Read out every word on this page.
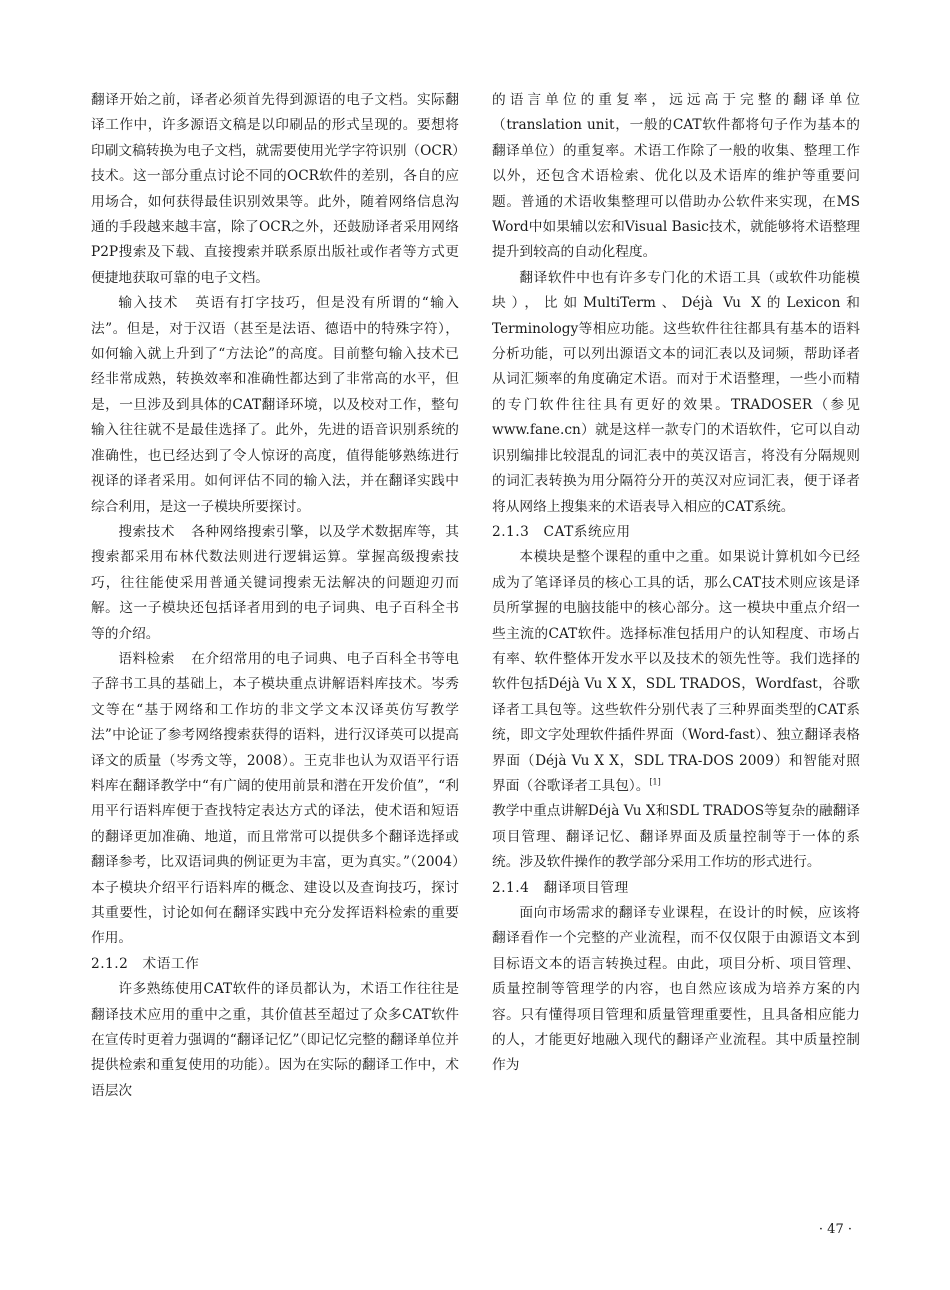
翻译开始之前，译者必须首先得到源语的电子文档。实际翻译工作中，许多源语文稿是以印刷品的形式呈现的。要想将印刷文稿转换为电子文档，就需要使用光学字符识别（OCR）技术。这一部分重点讨论不同的OCR软件的差别，各自的应用场合，如何获得最佳识别效果等。此外，随着网络信息沟通的手段越来越丰富，除了OCR之外，还鼓励译者采用网络P2P搜索及下载、直接搜索并联系原出版社或作者等方式更便捷地获取可靠的电子文档。

输入技术 英语有打字技巧，但是没有所谓的“输入法”。但是，对于汉语（甚至是法语、德语中的特殊字符），如何输入就上升到了“方法论”的高度。目前整句输入技术已经非常成熟，转换效率和准确性都达到了非常高的水平，但是，一旦涉及到具体的CAT翻译环境，以及校对工作，整句输入往往就不是最佳选择了。此外，先进的语音识别系统的准确性，也已经达到了令人惊讶的高度，值得能够熟练进行视译的译者采用。如何评估不同的输入法，并在翻译实践中综合利用，是这一子模块所要探讨。

搜索技术 各种网络搜索引擎，以及学术数据库等，其搜索都采用布林代数法则进行逻辑运算。掌握高级搜索技巧，往往能使采用普通关键词搜索无法解决的问题迎刃而解。这一子模块还包括译者用到的电子词典、电子百科全书等的介绍。

语料检索 在介绍常用的电子词典、电子百科全书等电子辞书工具的基础上，本子模块重点讲解语料库技术。岑秀文等在“基于网络和工作坊的非文学文本汉译英仿写教学法”中论证了参考网络搜索获得的语料，进行汉译英可以提高译文的质量（岑秀文等，2008）。王克非也认为双语平行语料库在翻译教学中“有广阔的使用前景和潜在开发价值”，“利用平行语料库便于查找特定表达方式的译法，使术语和短语的翻译更加准确、地道，而且常常可以提供多个翻译选择或翻译参考，比双语词典的例证更为丰富，更为真实。”（2004）本子模块介绍平行语料库的概念、建设以及查询技巧，探讨其重要性，讨论如何在翻译实践中充分发挥语料检索的重要作用。

2.1.2　术语工作

许多熟练使用CAT软件的译员都认为，术语工作往往是翻译技术应用的重中之重，其价值甚至超过了众多CAT软件在宣传时更着力强调的“翻译记忆”（即记忆完整的翻译单位并提供检索和重复使用的功能）。因为在实际的翻译工作中，术语层次

的语言单位的重复率，远远高于完整的翻译单位（translation unit，一般的CAT软件都将句子作为基本的翻译单位）的重复率。术语工作除了一般的收集、整理工作以外，还包含术语检索、优化以及术语库的维护等重要问题。普通的术语收集整理可以借助办公软件来实现，在MS Word中如果辅以宏和Visual Basic技术，就能够将术语整理提升到较高的自动化程度。

翻译软件中也有许多专门化的术语工具（或软件功能模块），比如MultiTerm、Déjà Vu X的Lexicon和Terminology等相应功能。这些软件往往都具有基本的语料分析功能，可以列出源语文本的词汇表以及词频，帮助译者从词汇频率的角度确定术语。而对于术语整理，一些小而精的专门软件往往具有更好的效果。TRADOSER（参见www.fane.cn）就是这样一款专门的术语软件，它可以自动识别编排比较混乱的词汇表中的英汉语言，将没有分隔规则的词汇表转换为用分隔符分开的英汉对应词汇表，便于译者将从网络上搜集来的术语表导入相应的CAT系统。

2.1.3　CAT系统应用

本模块是整个课程的重中之重。如果说计算机如今已经成为了笔译译员的核心工具的话，那么CAT技术则应该是译员所掌握的电脑技能中的核心部分。这一模块中重点介绍一些主流的CAT软件。选择标准包括用户的认知程度、市场占有率、软件整体开发水平以及技术的领先性等。我们选择的软件包括Déjà Vu X X，SDL TRADOS，Wordfast，谷歌译者工具包等。这些软件分别代表了三种界面类型的CAT系统，即文字处理软件插件界面（Word-fast）、独立翻译表格界面（Déjà Vu X X，SDL TRA-DOS 2009）和智能对照界面（谷歌译者工具包）。[1]

教学中重点讲解Déjà Vu X和SDL TRADOS等复杂的融翻译项目管理、翻译记忆、翻译界面及质量控制等于一体的系统。涉及软件操作的教学部分采用工作坊的形式进行。

2.1.4　翻译项目管理

面向市场需求的翻译专业课程，在设计的时候，应该将翻译看作一个完整的产业流程，而不仅仅限于由源语文本到目标语文本的语言转换过程。由此，项目分析、项目管理、质量控制等管理学的内容，也自然应该成为培养方案的内容。只有懂得项目管理和质量管理重要性，且具备相应能力的人，才能更好地融入现代的翻译产业流程。其中质量控制作为

· 47 ·
